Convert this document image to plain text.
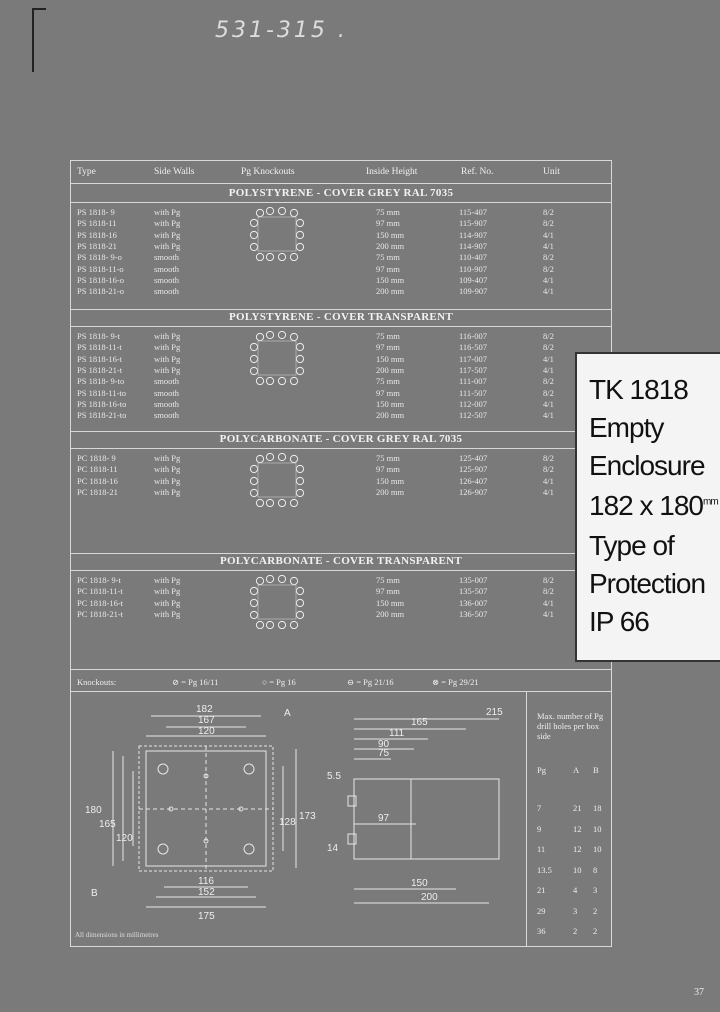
531-315 .
Type	Side Walls	Pg Knockouts	Inside Height	Ref. No.	Unit
POLYSTYRENE - COVER GREY RAL 7035
PS 1818- 9	with Pg	75 mm	115-407	8/2
PS 1818-11	with Pg	97 mm	115-907	8/2
PS 1818-16	with Pg	150 mm	114-907	4/1
PS 1818-21	with Pg	200 mm	114-907	4/1
PS 1818- 9-o	smooth	75 mm	110-407	8/2
PS 1818-11-o	smooth	97 mm	110-907	8/2
PS 1818-16-o	smooth	150 mm	109-407	4/1
PS 1818-21-o	smooth	200 mm	109-907	4/1
POLYSTYRENE - COVER TRANSPARENT
PS 1818- 9-t	with Pg	75 mm	116-007	8/2
PS 1818-11-t	with Pg	97 mm	116-507	8/2
PS 1818-16-t	with Pg	150 mm	117-007	4/1
PS 1818-21-t	with Pg	200 mm	117-507	4/1
PS 1818- 9-to	smooth	75 mm	111-007	8/2
PS 1818-11-to	smooth	97 mm	111-507	8/2
PS 1818-16-to	smooth	150 mm	112-007	4/1
PS 1818-21-to	smooth	200 mm	112-507	4/1
POLYCARBONATE - COVER GREY RAL 7035
PC 1818- 9	with Pg	75 mm	125-407	8/2
PC 1818-11	with Pg	97 mm	125-907	8/2
PC 1818-16	with Pg	150 mm	126-407	4/1
PC 1818-21	with Pg	200 mm	126-907	4/1
POLYCARBONATE - COVER TRANSPARENT
PC 1818- 9-t	with Pg	75 mm	135-007	8/2
PC 1818-11-t	with Pg	97 mm	135-507	8/2
PC 1818-16-t	with Pg	150 mm	136-007	4/1
PC 1818-21-t	with Pg	200 mm	136-507	4/1
Knockouts:	⊘ = Pg 16/11	○ = Pg 16	⊖ = Pg 21/16	⊗ = Pg 29/21
182
167
120
116
152
175
180
165
120
128
173
A
B
215
165
111
90
75
97
150
200
5.5
14
Max. number of Pg drill holes per box side
Pg	A B
7	21 18
9	12 10
11	12 10
13.5 10 8
21	4 3
29	3 2
36	2 2
All dimensions in millimetres
TK 1818
Empty
Enclosure
182 x $180^{mm}$
Type of
Protection
IP 66
37
